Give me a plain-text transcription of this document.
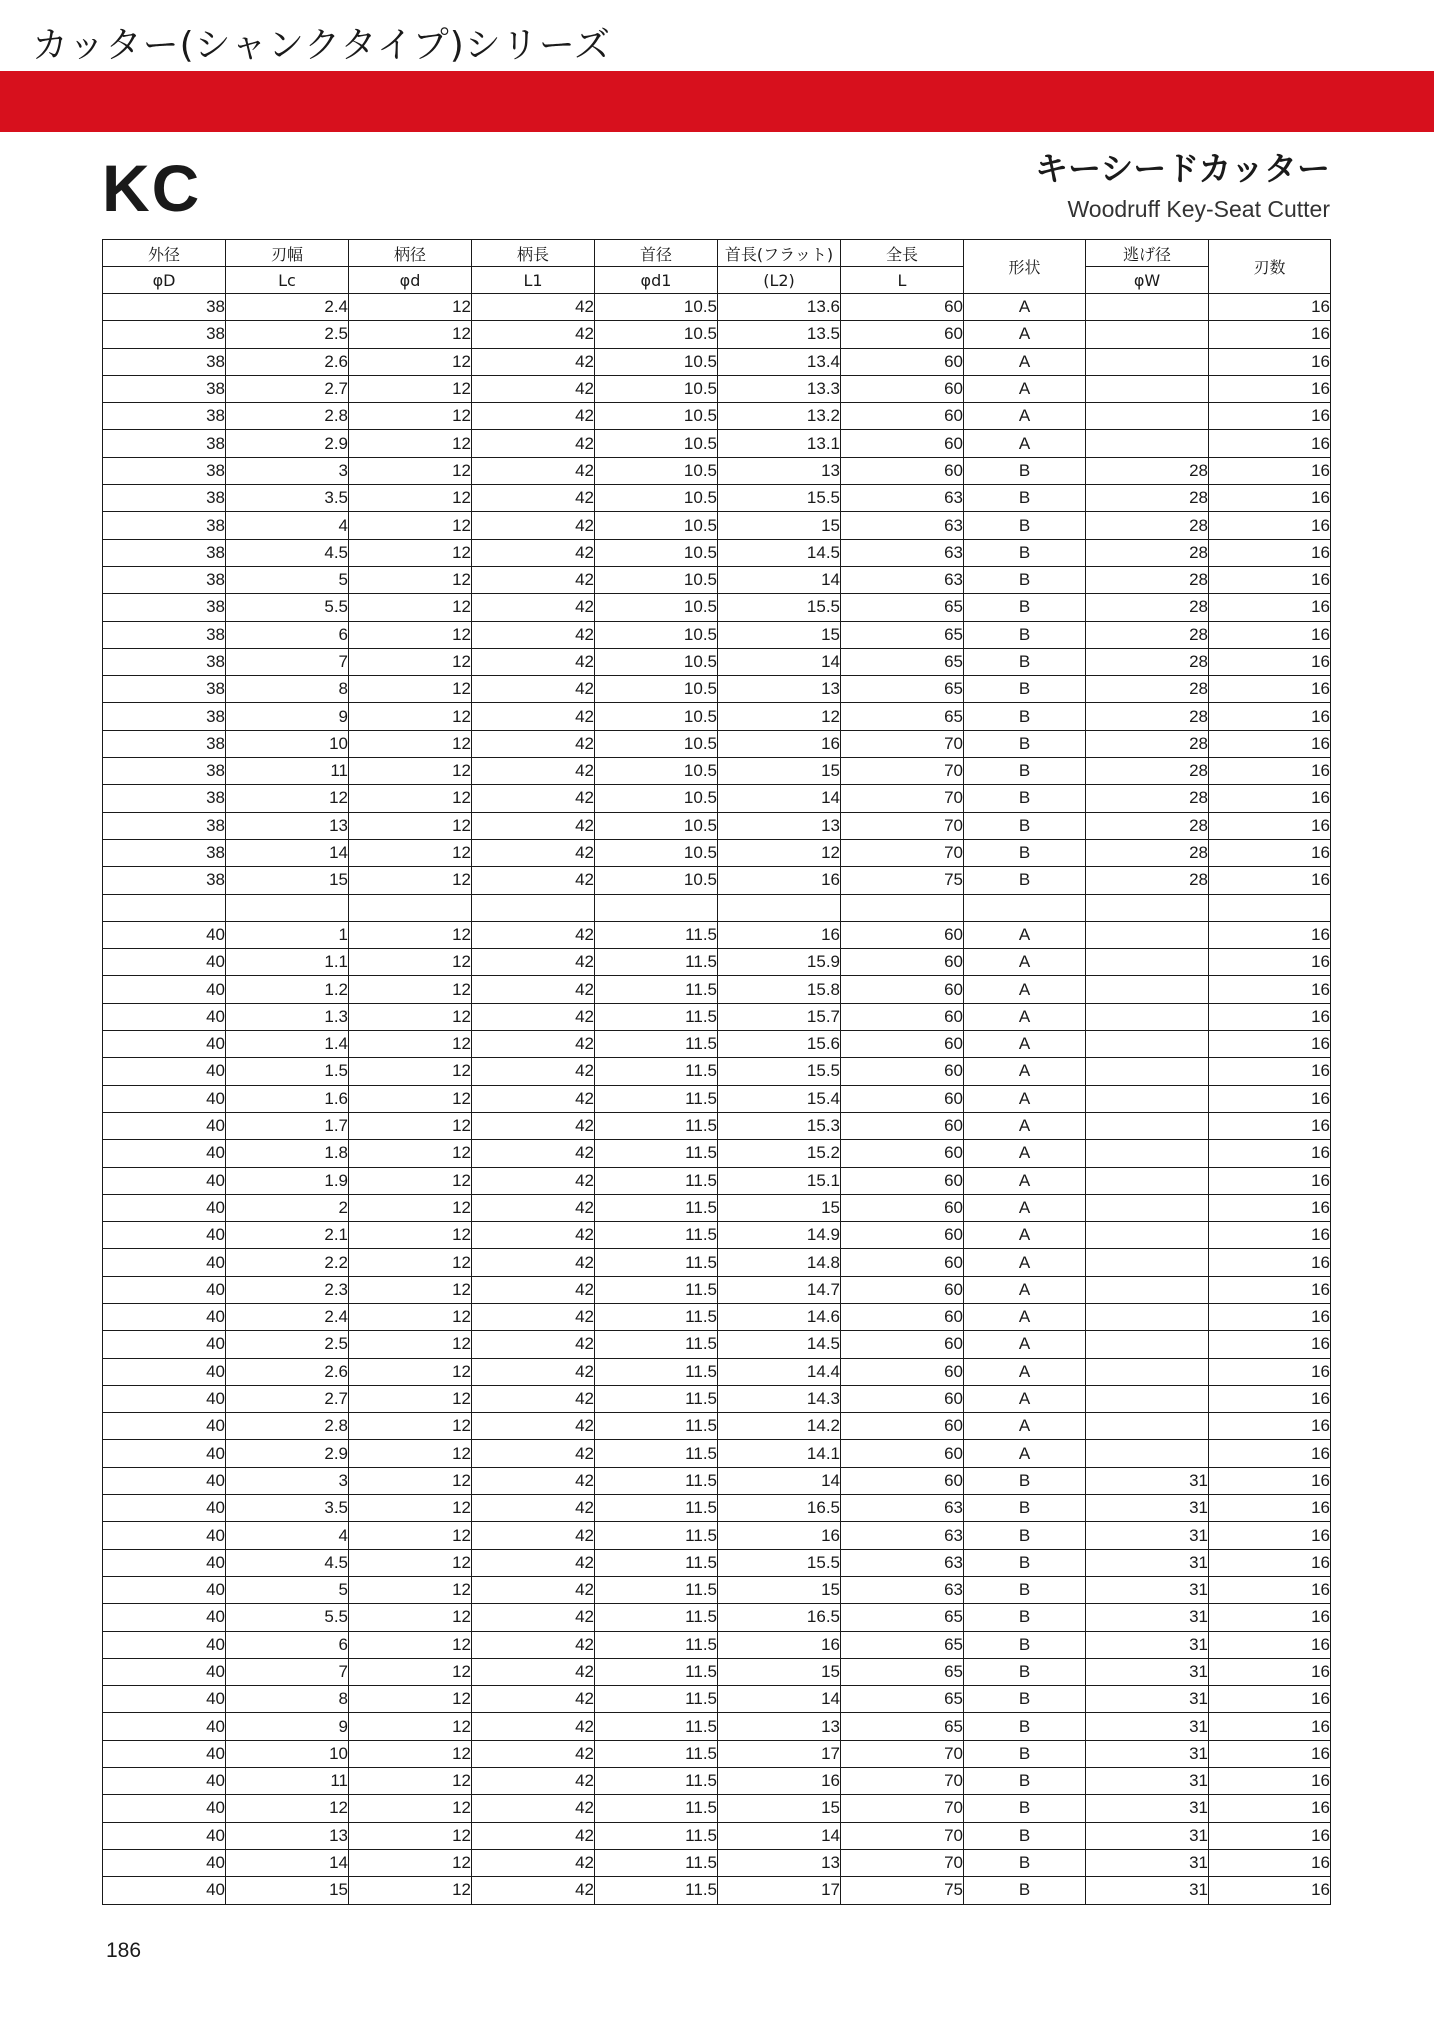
カッター(シャンクタイプ)シリーズ
KC	キーシードカッター
Woodruff Key-Seat Cutter
外径	刃幅	柄径	柄長	首径	首長(フラット)	全長	形状	逃げ径	刃数
φD	Lc	φd	L1	φd1	(L2)	L		φW	
38	2.4	12	42	10.5	13.6	60	A		16
38	2.5	12	42	10.5	13.5	60	A		16
38	2.6	12	42	10.5	13.4	60	A		16
38	2.7	12	42	10.5	13.3	60	A		16
38	2.8	12	42	10.5	13.2	60	A		16
38	2.9	12	42	10.5	13.1	60	A		16
38	3	12	42	10.5	13	60	B	28	16
38	3.5	12	42	10.5	15.5	63	B	28	16
38	4	12	42	10.5	15	63	B	28	16
38	4.5	12	42	10.5	14.5	63	B	28	16
38	5	12	42	10.5	14	63	B	28	16
38	5.5	12	42	10.5	15.5	65	B	28	16
38	6	12	42	10.5	15	65	B	28	16
38	7	12	42	10.5	14	65	B	28	16
38	8	12	42	10.5	13	65	B	28	16
38	9	12	42	10.5	12	65	B	28	16
38	10	12	42	10.5	16	70	B	28	16
38	11	12	42	10.5	15	70	B	28	16
38	12	12	42	10.5	14	70	B	28	16
38	13	12	42	10.5	13	70	B	28	16
38	14	12	42	10.5	12	70	B	28	16
38	15	12	42	10.5	16	75	B	28	16

40	1	12	42	11.5	16	60	A		16
40	1.1	12	42	11.5	15.9	60	A		16
40	1.2	12	42	11.5	15.8	60	A		16
40	1.3	12	42	11.5	15.7	60	A		16
40	1.4	12	42	11.5	15.6	60	A		16
40	1.5	12	42	11.5	15.5	60	A		16
40	1.6	12	42	11.5	15.4	60	A		16
40	1.7	12	42	11.5	15.3	60	A		16
40	1.8	12	42	11.5	15.2	60	A		16
40	1.9	12	42	11.5	15.1	60	A		16
40	2	12	42	11.5	15	60	A		16
40	2.1	12	42	11.5	14.9	60	A		16
40	2.2	12	42	11.5	14.8	60	A		16
40	2.3	12	42	11.5	14.7	60	A		16
40	2.4	12	42	11.5	14.6	60	A		16
40	2.5	12	42	11.5	14.5	60	A		16
40	2.6	12	42	11.5	14.4	60	A		16
40	2.7	12	42	11.5	14.3	60	A		16
40	2.8	12	42	11.5	14.2	60	A		16
40	2.9	12	42	11.5	14.1	60	A		16
40	3	12	42	11.5	14	60	B	31	16
40	3.5	12	42	11.5	16.5	63	B	31	16
40	4	12	42	11.5	16	63	B	31	16
40	4.5	12	42	11.5	15.5	63	B	31	16
40	5	12	42	11.5	15	63	B	31	16
40	5.5	12	42	11.5	16.5	65	B	31	16
40	6	12	42	11.5	16	65	B	31	16
40	7	12	42	11.5	15	65	B	31	16
40	8	12	42	11.5	14	65	B	31	16
40	9	12	42	11.5	13	65	B	31	16
40	10	12	42	11.5	17	70	B	31	16
40	11	12	42	11.5	16	70	B	31	16
40	12	12	42	11.5	15	70	B	31	16
40	13	12	42	11.5	14	70	B	31	16
40	14	12	42	11.5	13	70	B	31	16
40	15	12	42	11.5	17	75	B	31	16
186
